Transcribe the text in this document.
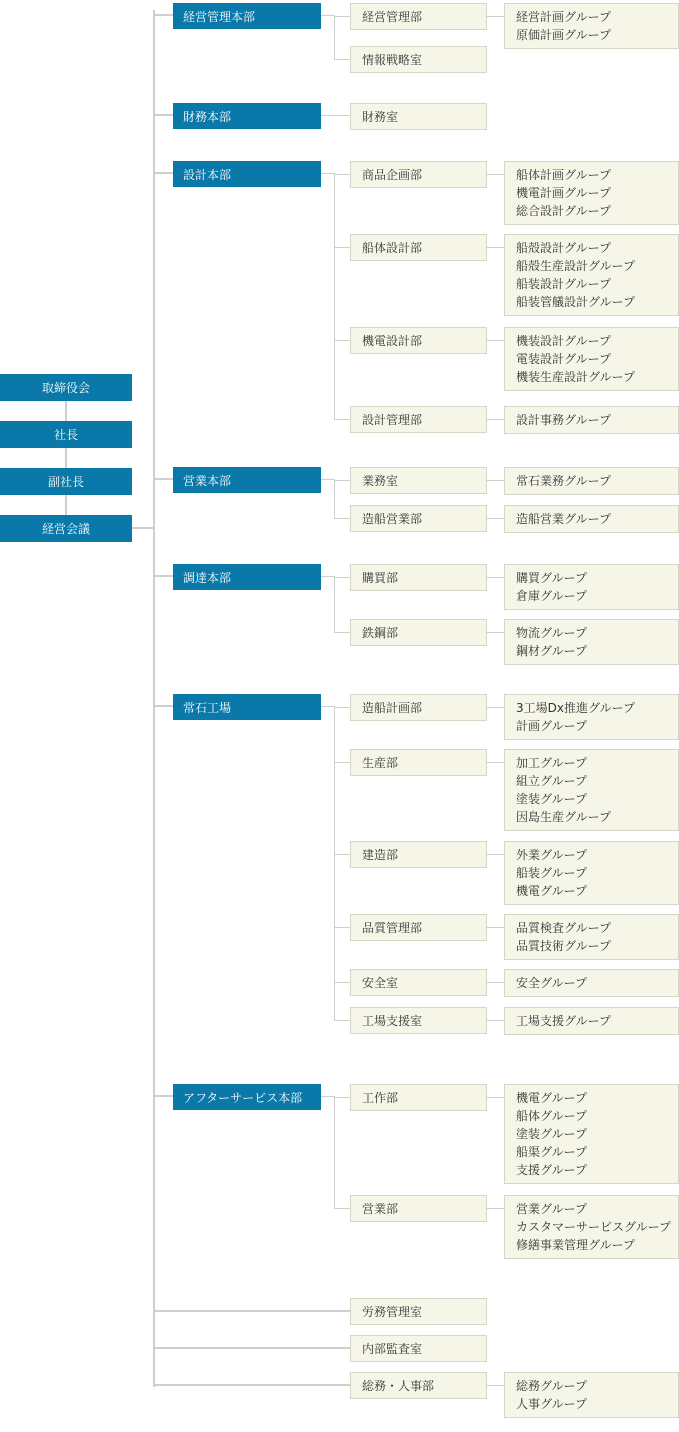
取締役会
社長
副社長
経営会議
経営管理本部	経営管理部	経営計画グループ
原価計画グループ
情報戦略室
財務本部	財務室
設計本部	商品企画部	船体計画グループ
機電計画グループ
総合設計グループ
船体設計部	船殻設計グループ
船殻生産設計グループ
船装設計グループ
船装管艤設計グループ
機電設計部	機装設計グループ
電装設計グループ
機装生産設計グループ
設計管理部	設計事務グループ
営業本部	業務室	常石業務グループ
造船営業部	造船営業グループ
調達本部	購買部	購買グループ
倉庫グループ
鉄鋼部	物流グループ
鋼材グループ
常石工場	造船計画部	3工場Dx推進グループ
計画グループ
生産部	加工グループ
組立グループ
塗装グループ
因島生産グループ
建造部	外業グループ
船装グループ
機電グループ
品質管理部	品質検査グループ
品質技術グループ
安全室	安全グループ
工場支援室	工場支援グループ
アフターサービス本部	工作部	機電グループ
船体グループ
塗装グループ
船渠グループ
支援グループ
営業部	営業グループ
カスタマーサービスグループ
修繕事業管理グループ
労務管理室
内部監査室
総務・人事部	総務グループ
人事グループ
